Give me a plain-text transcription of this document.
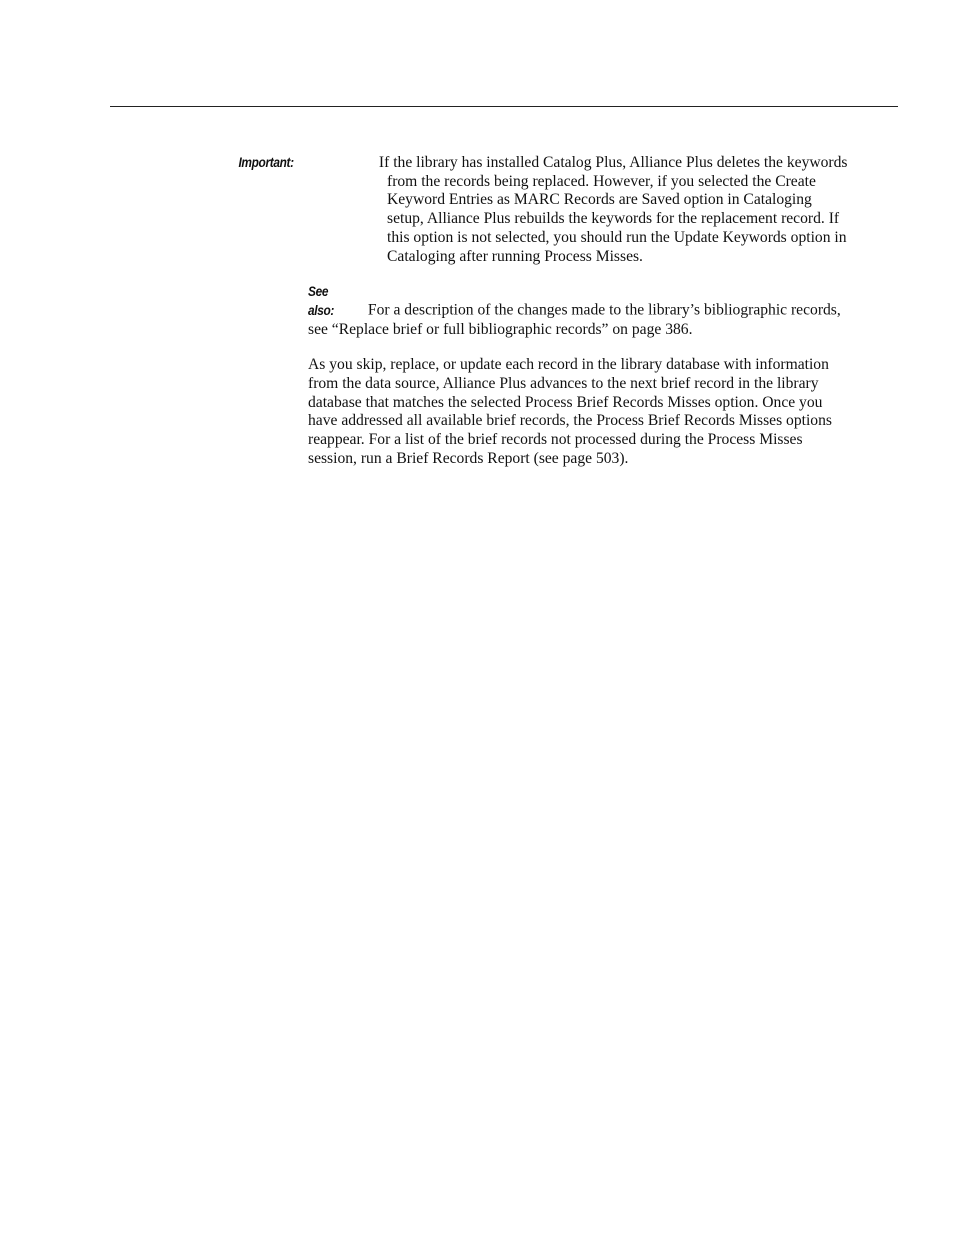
Important:	If the library has installed Catalog Plus, Alliance Plus deletes the keywords from the records being replaced. However, if you selected the Create Keyword Entries as MARC Records are Saved option in Cataloging setup, Alliance Plus rebuilds the keywords for the replacement record. If this option is not selected, you should run the Update Keywords option in Cataloging after running Process Misses.

See also: For a description of the changes made to the library’s bibliographic records, see “Replace brief or full bibliographic records” on page 386.

As you skip, replace, or update each record in the library database with information from the data source, Alliance Plus advances to the next brief record in the library database that matches the selected Process Brief Records Misses option. Once you have addressed all available brief records, the Process Brief Records Misses options reappear. For a list of the brief records not processed during the Process Misses session, run a Brief Records Report (see page 503).
